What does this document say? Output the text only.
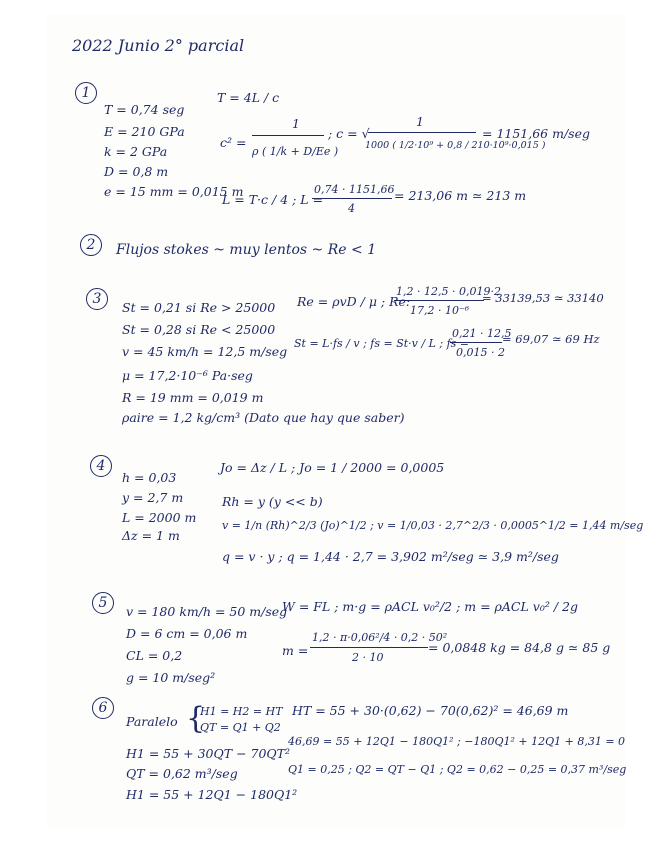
2022 Junio 2° parcial
1
T = 0,74 seg
E = 210 GPa
k = 2 GPa
D = 0,8 m
e = 15 mm = 0,015 m
T = 4L / c
c² =
1
ρ ( 1/k + D/Ee )
; c = √
1
1000 ( 1/2·10⁹ + 0,8 / 210·10⁹·0,015 )
= 1151,66 m/seg
L = T·c / 4 ; L =
0,74 · 1151,66
4
= 213,06 m ≃ 213 m
2	Flujos stokes ~ muy lentos ~ Re < 1
3
St = 0,21 si Re > 25000
St = 0,28 si Re < 25000
v = 45 km/h = 12,5 m/seg
μ = 17,2·10⁻⁶ Pa·seg
R = 19 mm = 0,019 m
ρaire = 1,2 kg/cm³ (Dato que hay que saber)
Re = ρvD / μ ; Re:
1,2 · 12,5 · 0,019·2
17,2 · 10⁻⁶
= 33139,53 ≃ 33140
St = L·fs / v ; fs = St·v / L ; fs =
0,21 · 12,5
0,015 · 2
= 69,07 ≃ 69 Hz
4
h = 0,03
y = 2,7 m
L = 2000 m
Δz = 1 m
Jo = Δz / L ; Jo = 1 / 2000 = 0,0005
Rh = y (y << b)
v = 1/n (Rh)^2/3 (Jo)^1/2 ; v = 1/0,03 · 2,7^2/3 · 0,0005^1/2 = 1,44 m/seg
q = v · y ; q = 1,44 · 2,7 = 3,902 m²/seg ≃ 3,9 m²/seg
5
v = 180 km/h = 50 m/seg
D = 6 cm = 0,06 m
CL = 0,2
g = 10 m/seg²
W = FL ; m·g = ρACL v₀²/2 ; m = ρACL v₀² / 2g
m =
1,2 · π·0,06²/4 · 0,2 · 50²
2 · 10
= 0,0848 kg = 84,8 g ≃ 85 g
6
Paralelo {
H1 = H2 = HT
QT = Q1 + Q2
H1 = 55 + 30QT − 70QT²
QT = 0,62 m³/seg
H1 = 55 + 12Q1 − 180Q1²
HT = 55 + 30·(0,62) − 70(0,62)² = 46,69 m
46,69 = 55 + 12Q1 − 180Q1² ; −180Q1² + 12Q1 + 8,31 = 0
Q1 = 0,25 ; Q2 = QT − Q1 ; Q2 = 0,62 − 0,25 = 0,37 m³/seg
